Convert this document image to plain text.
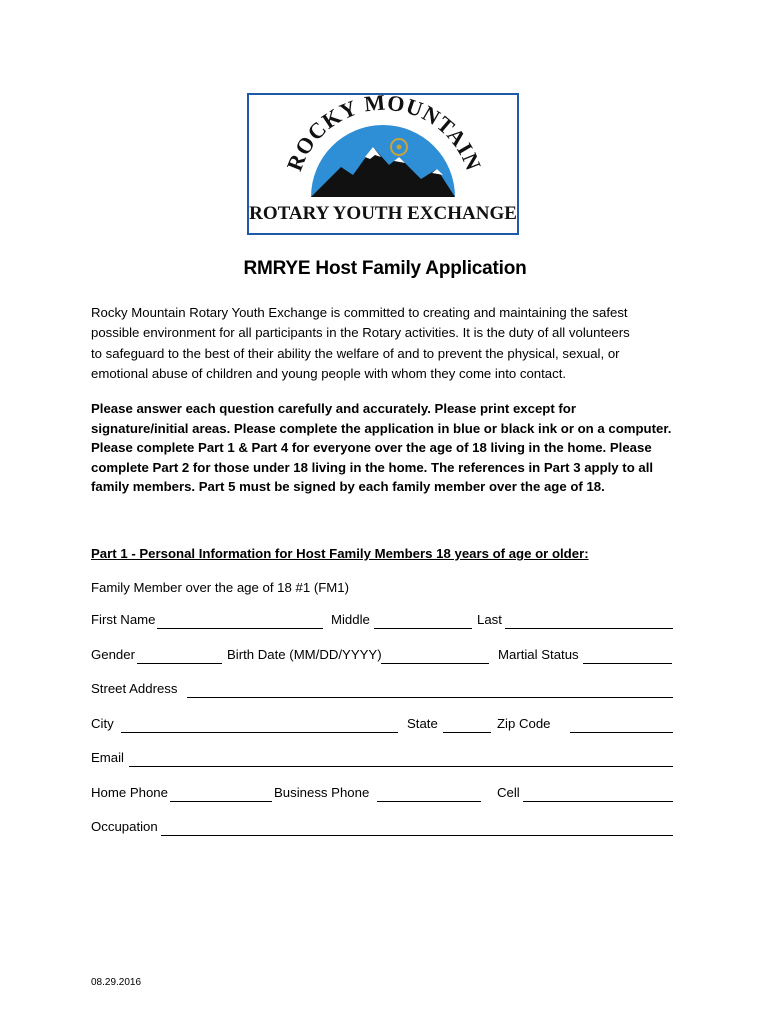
ROCKY MOUNTAIN
ROTARY YOUTH EXCHANGE
RMRYE Host Family Application
Rocky Mountain Rotary Youth Exchange is committed to creating and maintaining the safest
possible environment for all participants in the Rotary activities. It is the duty of all volunteers
to safeguard to the best of their ability the welfare of and to prevent the physical, sexual, or
emotional abuse of children and young people with whom they come into contact.
Please answer each question carefully and accurately. Please print except for
signature/initial areas. Please complete the application in blue or black ink or on a computer.
Please complete Part 1 & Part 4 for everyone over the age of 18 living in the home. Please
complete Part 2 for those under 18 living in the home. The references in Part 3 apply to all
family members. Part 5 must be signed by each family member over the age of 18.
Part 1 - Personal Information for Host Family Members 18 years of age or older:
Family Member over the age of 18 #1 (FM1)
First Name	Middle	Last
Gender	Birth Date (MM/DD/YYYY)	Martial Status
Street Address
City	State	Zip Code
Email
Home Phone	Business Phone	Cell
Occupation
08.29.2016
